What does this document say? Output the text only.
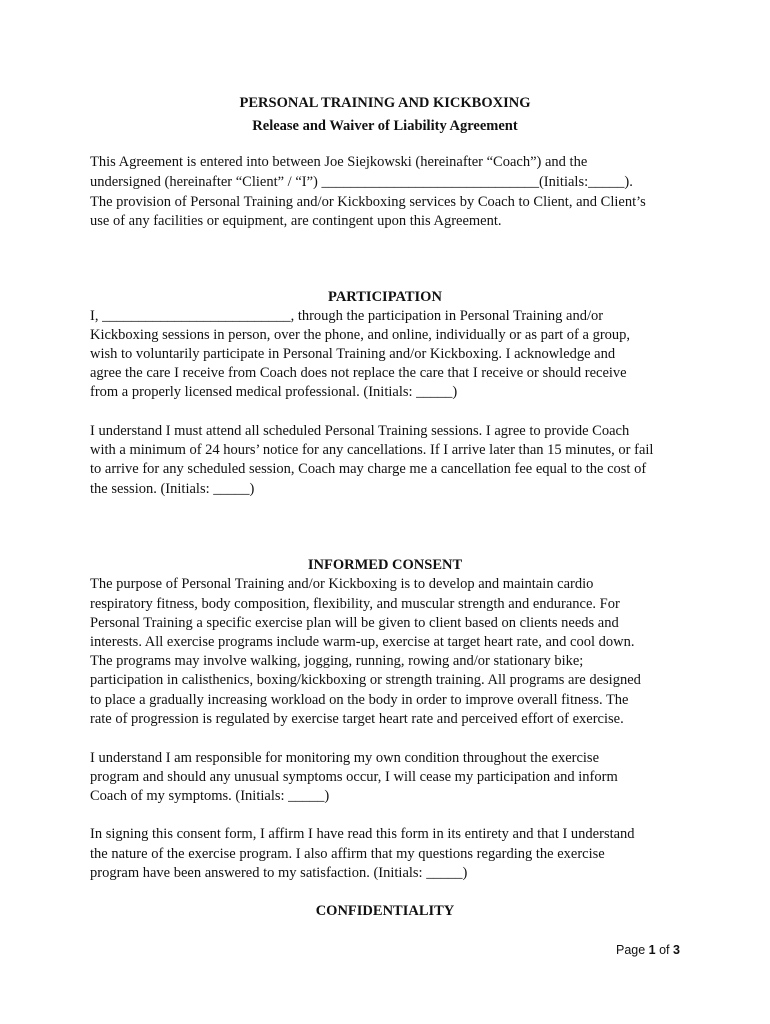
PERSONAL TRAINING AND KICKBOXING
Release and Waiver of Liability Agreement
This Agreement is entered into between Joe Siejkowski (hereinafter “Coach”) and the
undersigned (hereinafter “Client” / “I”) ______________________________(Initials:_____).
The provision of Personal Training and/or Kickboxing services by Coach to Client, and Client’s
use of any facilities or equipment, are contingent upon this Agreement.
PARTICIPATION
I, __________________________, through the participation in Personal Training and/or
Kickboxing sessions in person, over the phone, and online, individually or as part of a group,
wish to voluntarily participate in Personal Training and/or Kickboxing. I acknowledge and
agree the care I receive from Coach does not replace the care that I receive or should receive
from a properly licensed medical professional. (Initials: _____)
I understand I must attend all scheduled Personal Training sessions. I agree to provide Coach
with a minimum of 24 hours’ notice for any cancellations. If I arrive later than 15 minutes, or fail
to arrive for any scheduled session, Coach may charge me a cancellation fee equal to the cost of
the session. (Initials: _____)
INFORMED CONSENT
The purpose of Personal Training and/or Kickboxing is to develop and maintain cardio
respiratory fitness, body composition, flexibility, and muscular strength and endurance. For
Personal Training a specific exercise plan will be given to client based on clients needs and
interests. All exercise programs include warm-up, exercise at target heart rate, and cool down.
The programs may involve walking, jogging, running, rowing and/or stationary bike;
participation in calisthenics, boxing/kickboxing or strength training. All programs are designed
to place a gradually increasing workload on the body in order to improve overall fitness. The
rate of progression is regulated by exercise target heart rate and perceived effort of exercise.
I understand I am responsible for monitoring my own condition throughout the exercise
program and should any unusual symptoms occur, I will cease my participation and inform
Coach of my symptoms. (Initials: _____)
In signing this consent form, I affirm I have read this form in its entirety and that I understand
the nature of the exercise program. I also affirm that my questions regarding the exercise
program have been answered to my satisfaction. (Initials: _____)
CONFIDENTIALITY
Page 1 of 3
